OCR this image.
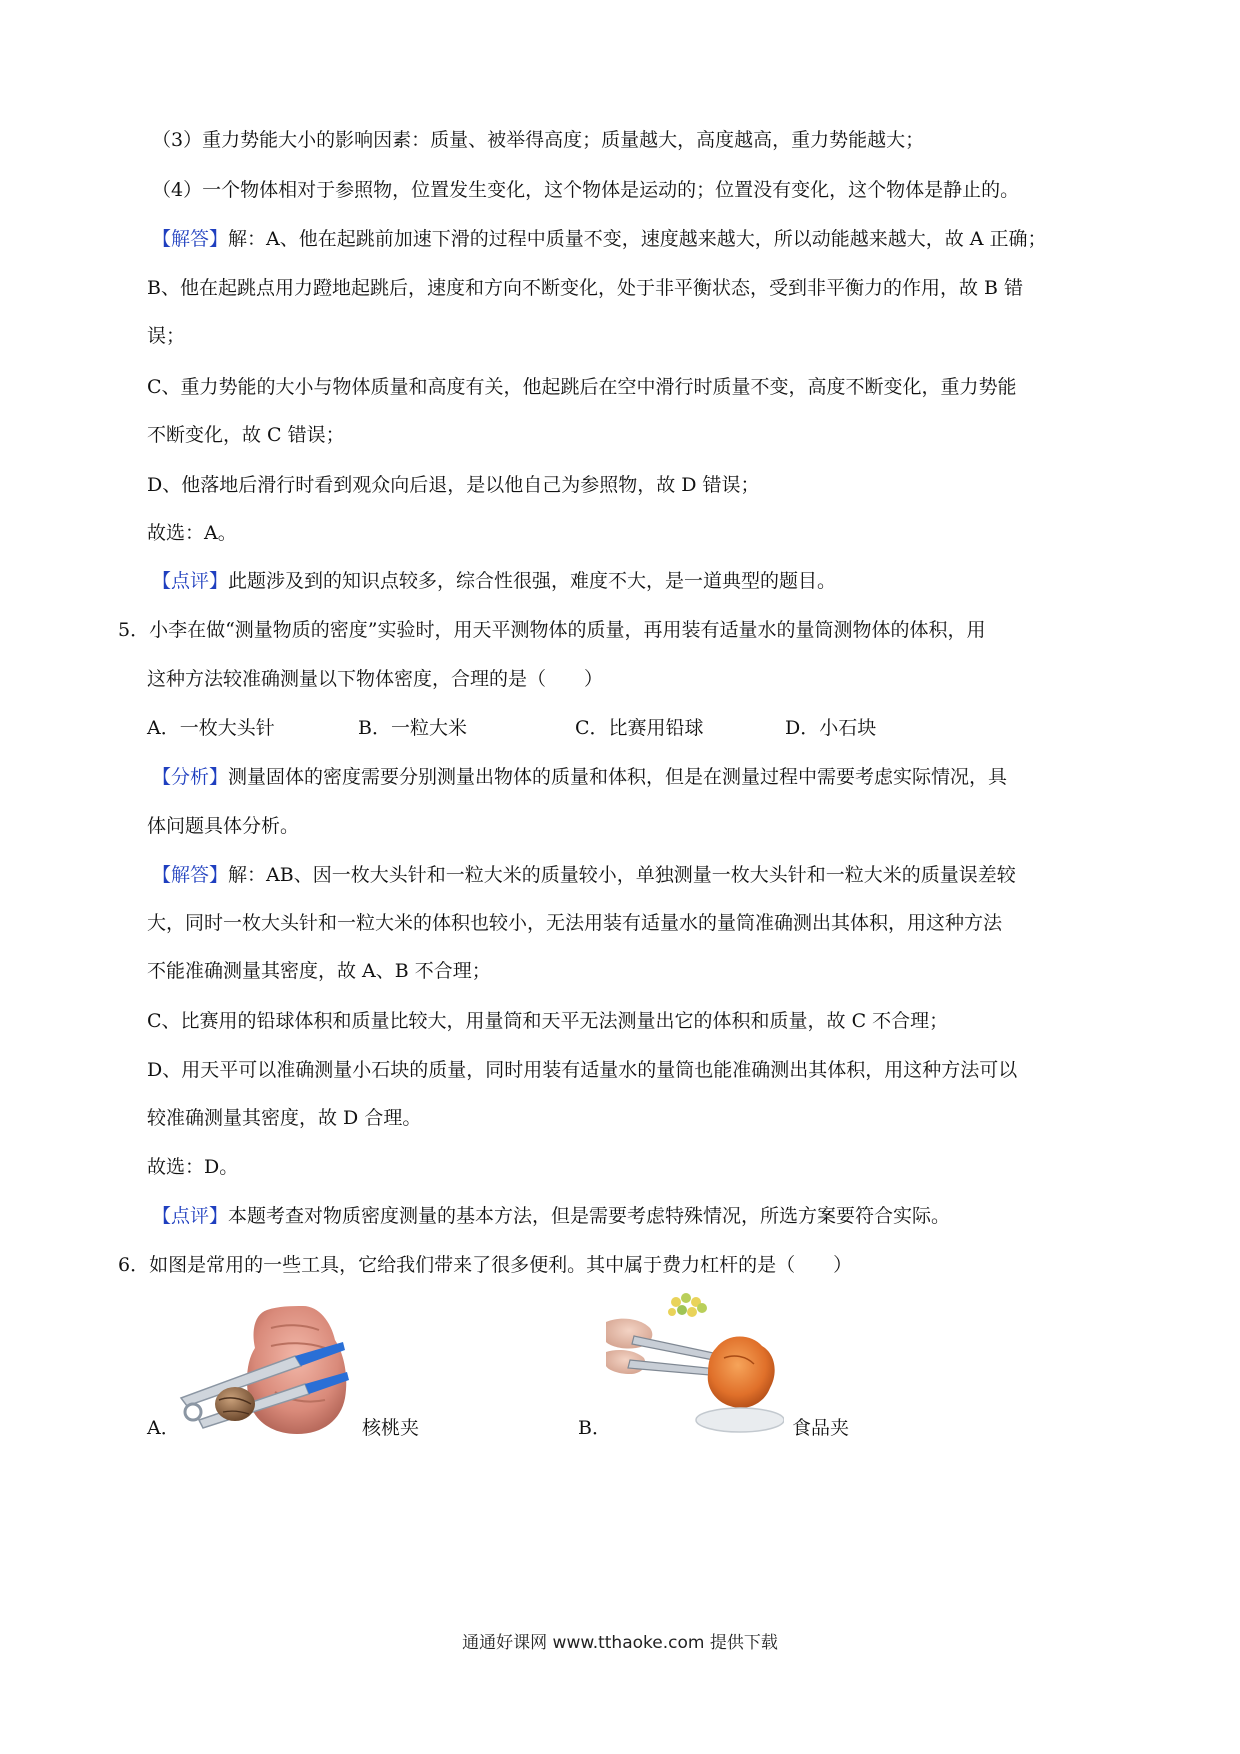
（3）重力势能大小的影响因素：质量、被举得高度；质量越大，高度越高，重力势能越大；
（4）一个物体相对于参照物，位置发生变化，这个物体是运动的；位置没有变化，这个物体是静止的。
【解答】解：A、他在起跳前加速下滑的过程中质量不变，速度越来越大，所以动能越来越大，故 A 正确；
B、他在起跳点用力蹬地起跳后，速度和方向不断变化，处于非平衡状态，受到非平衡力的作用，故 B 错
误；
C、重力势能的大小与物体质量和高度有关，他起跳后在空中滑行时质量不变，高度不断变化，重力势能
不断变化，故 C 错误；
D、他落地后滑行时看到观众向后退，是以他自己为参照物，故 D 错误；
故选：A。
【点评】此题涉及到的知识点较多，综合性很强，难度不大，是一道典型的题目。
5．小李在做“测量物质的密度”实验时，用天平测物体的质量，再用装有适量水的量筒测物体的体积，用
这种方法较准确测量以下物体密度，合理的是（　　）
A．一枚大头针	B．一粒大米	C．比赛用铅球	D．小石块
【分析】测量固体的密度需要分别测量出物体的质量和体积，但是在测量过程中需要考虑实际情况，具
体问题具体分析。
【解答】解：AB、因一枚大头针和一粒大米的质量较小，单独测量一枚大头针和一粒大米的质量误差较
大，同时一枚大头针和一粒大米的体积也较小，无法用装有适量水的量筒准确测出其体积，用这种方法
不能准确测量其密度，故 A、B 不合理；
C、比赛用的铅球体积和质量比较大，用量筒和天平无法测量出它的体积和质量，故 C 不合理；
D、用天平可以准确测量小石块的质量，同时用装有适量水的量筒也能准确测出其体积，用这种方法可以
较准确测量其密度，故 D 合理。
故选：D。
【点评】本题考查对物质密度测量的基本方法，但是需要考虑特殊情况，所选方案要符合实际。
6．如图是常用的一些工具，它给我们带来了很多便利。其中属于费力杠杆的是（　　）
A．	核桃夹	B．	食品夹
通通好课网 www.tthaoke.com 提供下载
